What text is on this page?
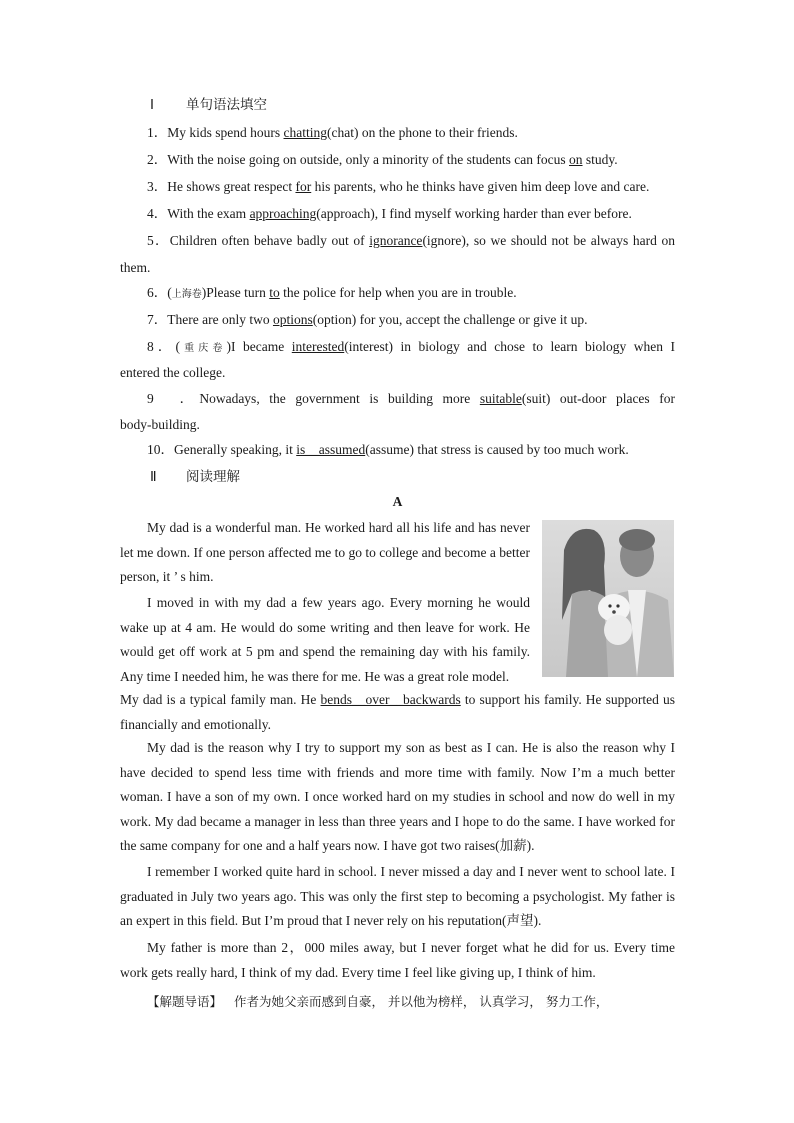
Ⅰ 单句语法填空
1．My kids spend hours chatting(chat) on the phone to their friends.
2．With the noise going on outside, only a minority of the students can focus on study.
3．He shows great respect for his parents, who he thinks have given him deep love and care.
4．With the exam approaching(approach), I find myself working harder than ever before.
5．Children often behave badly out of ignorance(ignore), so we should not be always hard on
them.
6．(上海卷)Please turn to the police for help when you are in trouble.
7．There are only two options(option) for you, accept the challenge or give it up.
8．(重庆卷)I became interested(interest) in biology and chose to learn biology when I
entered the college.
9　．Nowadays, the government is building more suitable(suit) out-door places for
body-building.
10．Generally speaking, it is__assumed(assume) that stress is caused by too much work.
Ⅱ 阅读理解
A
My dad is a wonderful man. He worked hard all his life and has never let me down. If one person affected me to go to college and become a better person, it ’ s him.
I moved in with my dad a few years ago. Every morning he would wake up at 4 am. He would do some writing and then leave for work. He would get off work at 5 pm and spend the remaining day with his family. Any time I needed him, he was there for me. He was a great role model.
My dad is a typical family man. He bends__over__backwards to support his family. He supported us financially and emotionally.
My dad is the reason why I try to support my son as best as I can. He is also the reason why I have decided to spend less time with friends and more time with family. Now I’m a much better woman. I have a son of my own. I once worked hard on my studies in school and now do well in my work. My dad became a manager in less than three years and I hope to do the same. I have worked for the same company for one and a half years now. I have got two raises(加薪).
I remember I worked quite hard in school. I never missed a day and I never went to school late. I graduated in July two years ago. This was only the first step to becoming a psychologist. My father is an expert in this field. But I’m proud that I never rely on his reputation(声望).
My father is more than 2，000 miles away, but I never forget what he did for us. Every time work gets really hard, I think of my dad. Every time I feel like giving up, I think of him.
【解题导语】 作者为她父亲而感到自豪， 并以他为榜样， 认真学习， 努力工作，
